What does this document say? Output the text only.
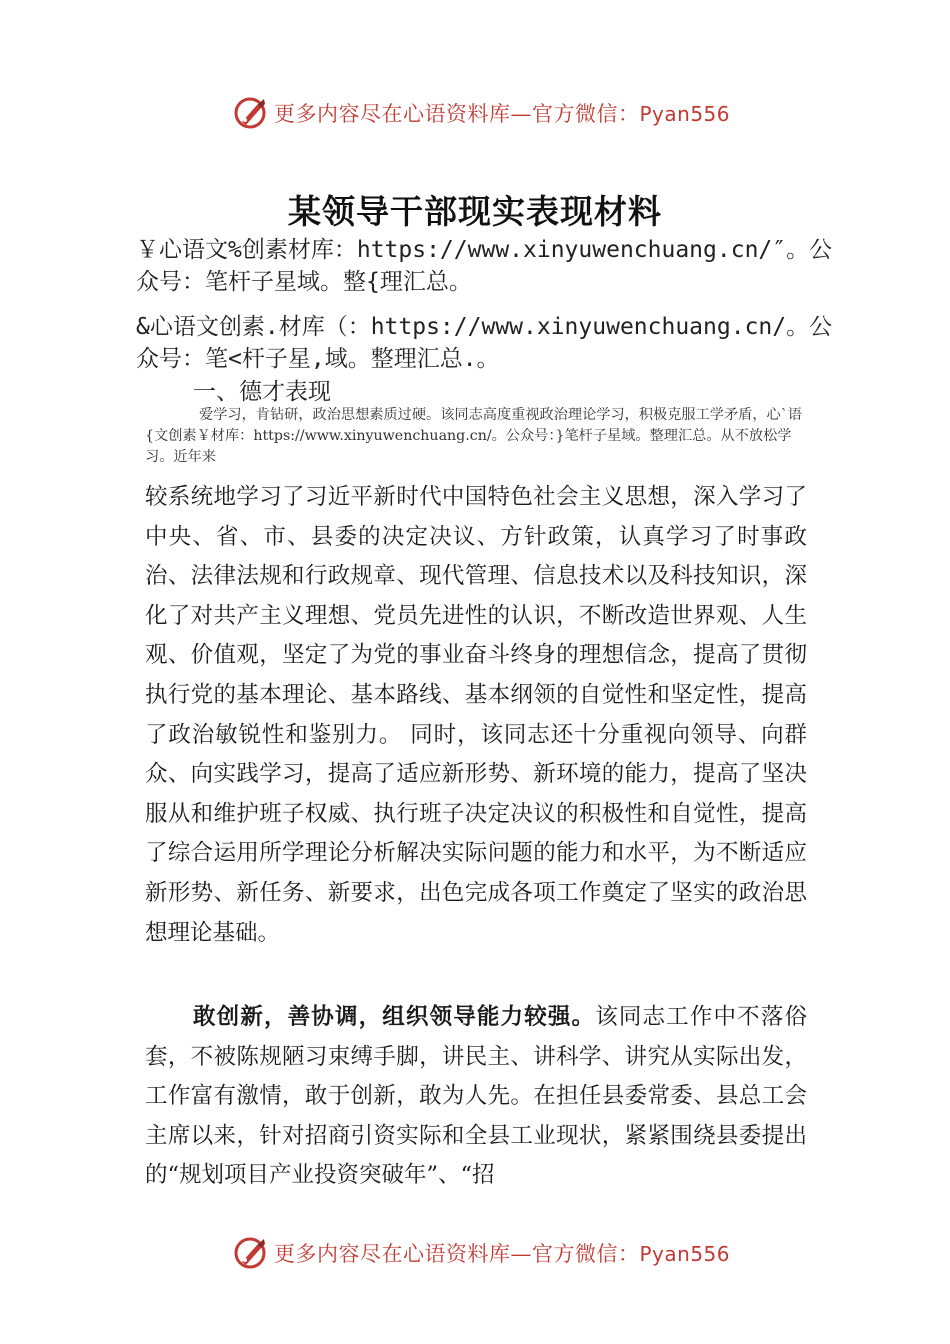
更多内容尽在心语资料库—官方微信：Pyan556
某领导干部现实表现材料
￥心语文%创素材库：https://www.xinyuwenchuang.cn/″。公众号：笔杆子星域。整{理汇总。
&心语文创素.材库（：https://www.xinyuwenchuang.cn/。公众号：笔<杆子星,域。整理汇总.。
一、德才表现
爱学习，肯钻研，政治思想素质过硬。该同志高度重视政治理论学习，积极克服工学矛盾，心`语{文创素￥材库：https://www.xinyuwenchuang.cn/。公众号：}笔杆子星域。整理汇总。从不放松学习。近年来
较系统地学习了习近平新时代中国特色社会主义思想，深入学习了中央、省、市、县委的决定决议、方针政策，认真学习了时事政治、法律法规和行政规章、现代管理、信息技术以及科技知识，深化了对共产主义理想、党员先进性的认识，不断改造世界观、人生观、价值观，坚定了为党的事业奋斗终身的理想信念，提高了贯彻执行党的基本理论、基本路线、基本纲领的自觉性和坚定性，提高了政治敏锐性和鉴别力。 同时，该同志还十分重视向领导、向群众、向实践学习，提高了适应新形势、新环境的能力，提高了坚决服从和维护班子权威、执行班子决定决议的积极性和自觉性，提高了综合运用所学理论分析解决实际问题的能力和水平，为不断适应新形势、新任务、新要求，出色完成各项工作奠定了坚实的政治思想理论基础。
敢创新，善协调，组织领导能力较强。该同志工作中不落俗套，不被陈规陋习束缚手脚，讲民主、讲科学、讲究从实际出发，工作富有激情，敢于创新，敢为人先。在担任县委常委、县总工会主席以来，针对招商引资实际和全县工业现状，紧紧围绕县委提出的“规划项目产业投资突破年”、“招
更多内容尽在心语资料库—官方微信：Pyan556
